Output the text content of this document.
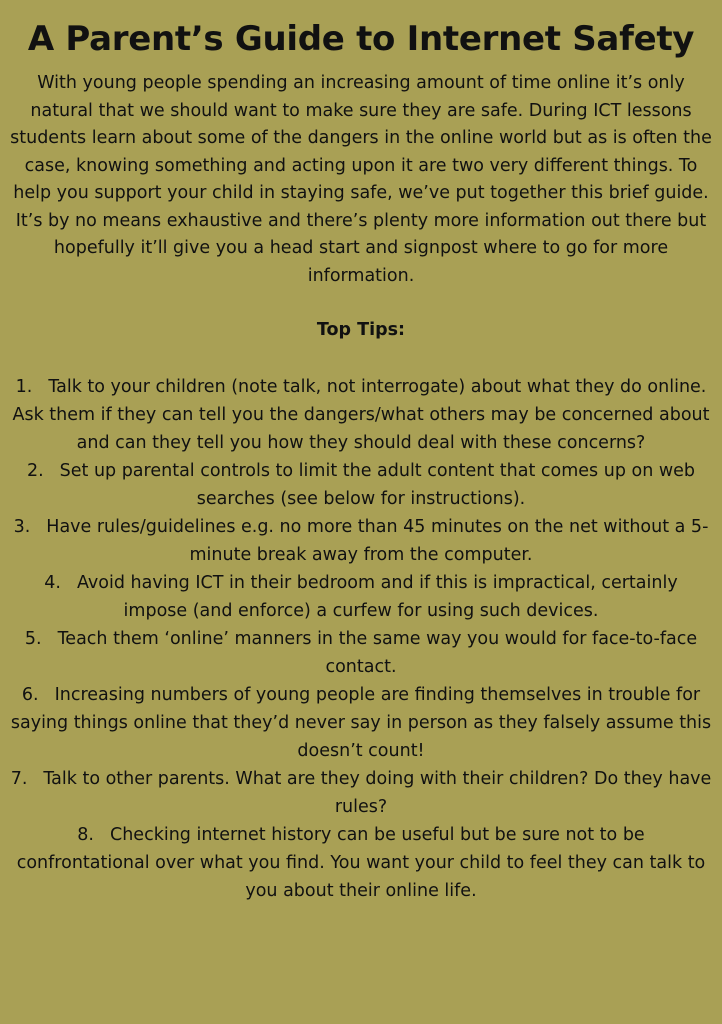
A Parent’s Guide to Internet Safety

With young people spending an increasing amount of time online it’s only natural that we should want to make sure they are safe. During ICT lessons students learn about some of the dangers in the online world but as is often the case, knowing something and acting upon it are two very different things. To help you support your child in staying safe, we’ve put together this brief guide. It’s by no means exhaustive and there’s plenty more information out there but hopefully it’ll give you a head start and signpost where to go for more information.

Top Tips:
1. Talk to your children (note talk, not interrogate) about what they do online. Ask them if they can tell you the dangers/what others may be concerned about and can they tell you how they should deal with these concerns?
2. Set up parental controls to limit the adult content that comes up on web searches (see below for instructions).
3. Have rules/guidelines e.g. no more than 45 minutes on the net without a 5-minute break away from the computer.
4. Avoid having ICT in their bedroom and if this is impractical, certainly impose (and enforce) a curfew for using such devices.
5. Teach them ‘online’ manners in the same way you would for face-to-face contact.
6. Increasing numbers of young people are finding themselves in trouble for saying things online that they’d never say in person as they falsely assume this doesn’t count!
7. Talk to other parents. What are they doing with their children? Do they have rules?
8. Checking internet history can be useful but be sure not to be confrontational over what you find. You want your child to feel they can talk to you about their online life.
